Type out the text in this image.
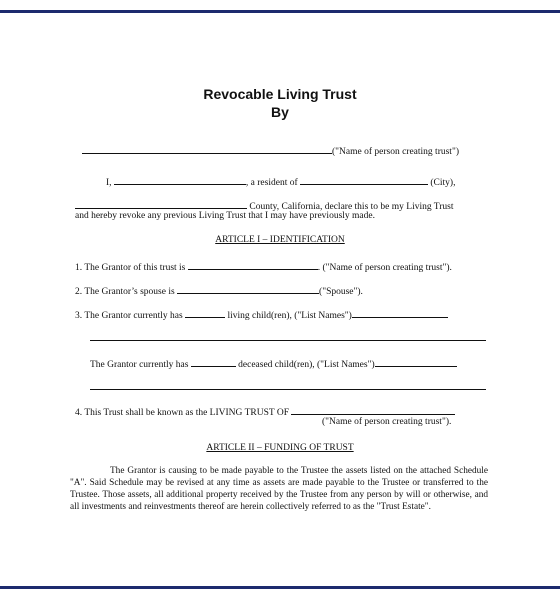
Revocable Living Trust
By
("Name of person creating trust")
I,	, a resident of	(City),
County, California, declare this to be my Living Trust
and hereby revoke any previous Living Trust that I may have previously made.
ARTICLE I – IDENTIFICATION
1. The Grantor of this trust is	. ("Name of person creating trust").
2. The Grantor’s spouse is	("Spouse").
3. The Grantor currently has	living child(ren), ("List Names")
The Grantor currently has	deceased child(ren), ("List Names")
4. This Trust shall be known as the LIVING TRUST OF
("Name of person creating trust").
ARTICLE II – FUNDING OF TRUST
The Grantor is causing to be made payable to the Trustee the assets listed on the attached Schedule "A". Said Schedule may be revised at any time as assets are made payable to the Trustee or transferred to the Trustee. Those assets, all additional property received by the Trustee from any person by will or otherwise, and all investments and reinvestments thereof are herein collectively referred to as the "Trust Estate".
